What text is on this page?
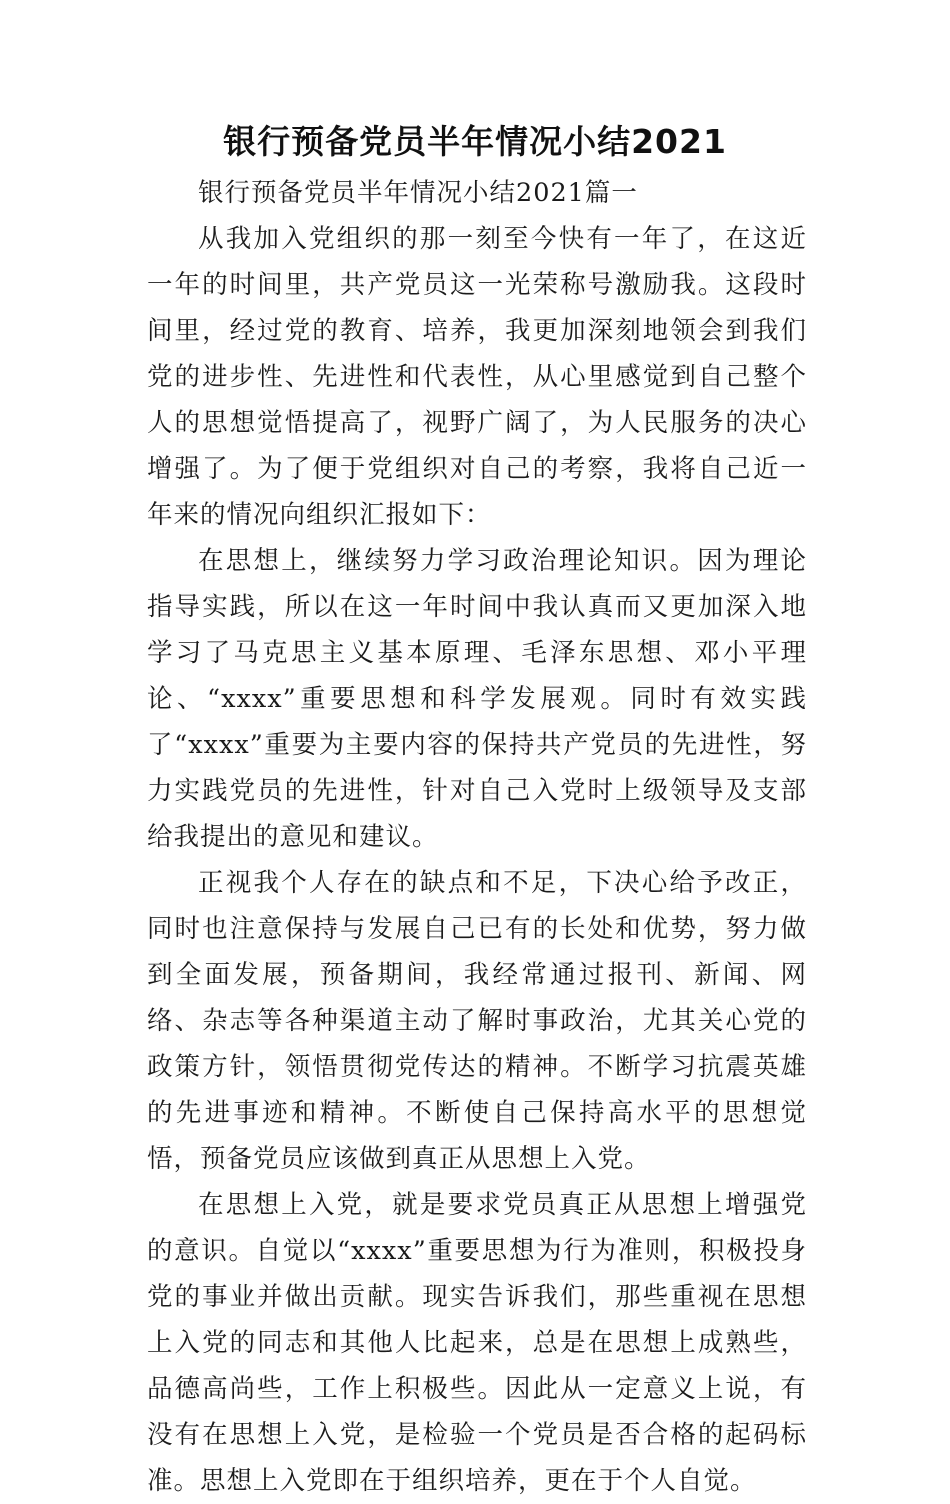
银行预备党员半年情况小结2021

银行预备党员半年情况小结2021篇一

从我加入党组织的那一刻至今快有一年了，在这近一年的时间里，共产党员这一光荣称号激励我。这段时间里，经过党的教育、培养，我更加深刻地领会到我们党的进步性、先进性和代表性，从心里感觉到自己整个人的思想觉悟提高了，视野广阔了，为人民服务的决心增强了。为了便于党组织对自己的考察，我将自己近一年来的情况向组织汇报如下：

在思想上，继续努力学习政治理论知识。因为理论指导实践，所以在这一年时间中我认真而又更加深入地学习了马克思主义基本原理、毛泽东思想、邓小平理论、“xxxx”重要思想和科学发展观。同时有效实践了“xxxx”重要为主要内容的保持共产党员的先进性，努力实践党员的先进性，针对自己入党时上级领导及支部给我提出的意见和建议。

正视我个人存在的缺点和不足，下决心给予改正，同时也注意保持与发展自己已有的长处和优势，努力做到全面发展，预备期间，我经常通过报刊、新闻、网络、杂志等各种渠道主动了解时事政治，尤其关心党的政策方针，领悟贯彻党传达的精神。不断学习抗震英雄的先进事迹和精神。不断使自己保持高水平的思想觉悟，预备党员应该做到真正从思想上入党。

在思想上入党，就是要求党员真正从思想上增强党的意识。自觉以“xxxx”重要思想为行为准则，积极投身党的事业并做出贡献。现实告诉我们，那些重视在思想上入党的同志和其他人比起来，总是在思想上成熟些，品德高尚些，工作上积极些。因此从一定意义上说，有没有在思想上入党，是检验一个党员是否合格的起码标准。思想上入党即在于组织培养，更在于个人自觉。
